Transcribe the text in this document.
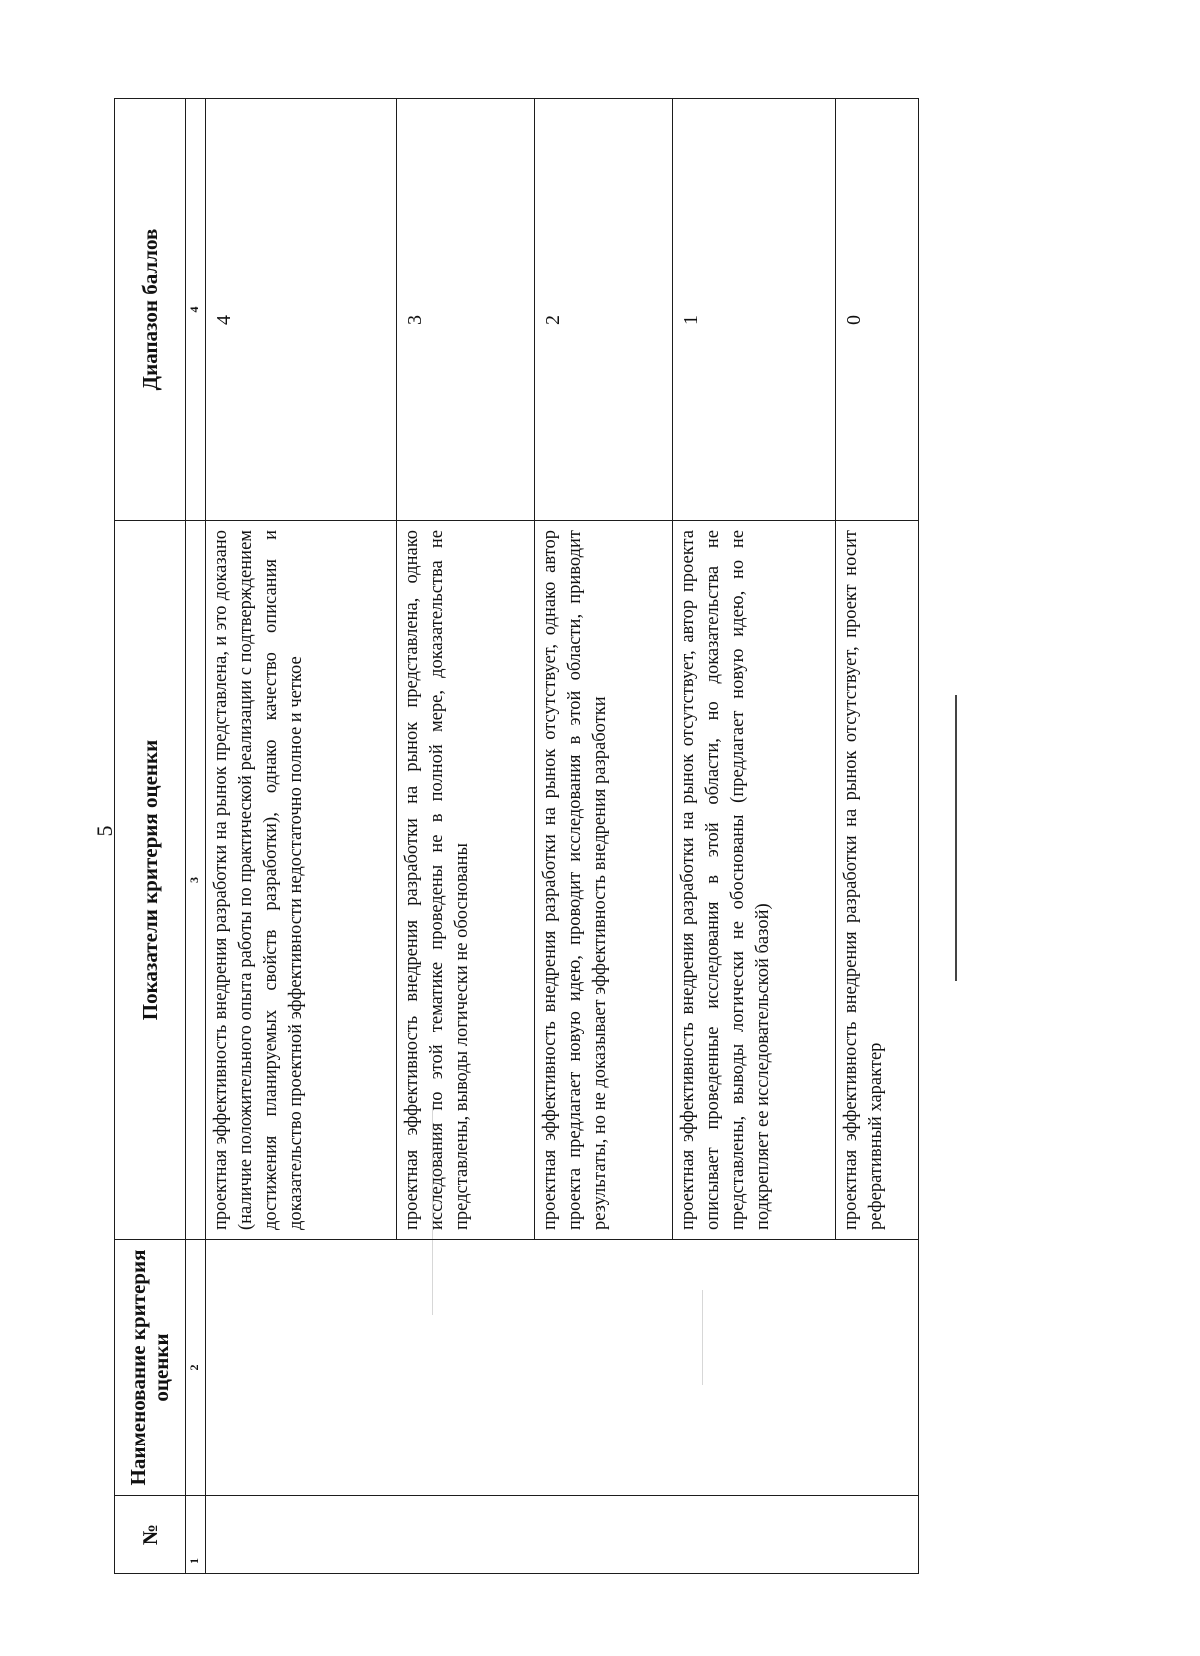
5
№	Наименование критерия оценки	Показатели критерия оценки	Диапазон баллов
1	2	3	4
		проектная эффективность внедрения разработки на рынок представлена, и это доказано (наличие положительного опыта работы по практической реализации с подтверждением достижения планируемых свойств разработки), однако качество описания и доказательство проектной эффективности недостаточно полное и четкое	4
		проектная эффективность внедрения разработки на рынок представлена, однако исследования по этой тематике проведены не в полной мере, доказательства не представлены, выводы логически не обоснованы	3
		проектная эффективность внедрения разработки на рынок отсутствует, однако автор проекта предлагает новую идею, проводит исследования в этой области, приводит результаты, но не доказывает эффективность внедрения разработки	2
		проектная эффективность внедрения разработки на рынок отсутствует, автор проекта описывает проведенные исследования в этой области, но доказательства не представлены, выводы логически не обоснованы (предлагает новую идею, но не подкрепляет ее исследовательской базой)	1
		проектная эффективность внедрения разработки на рынок отсутствует, проект носит реферативный характер	0
